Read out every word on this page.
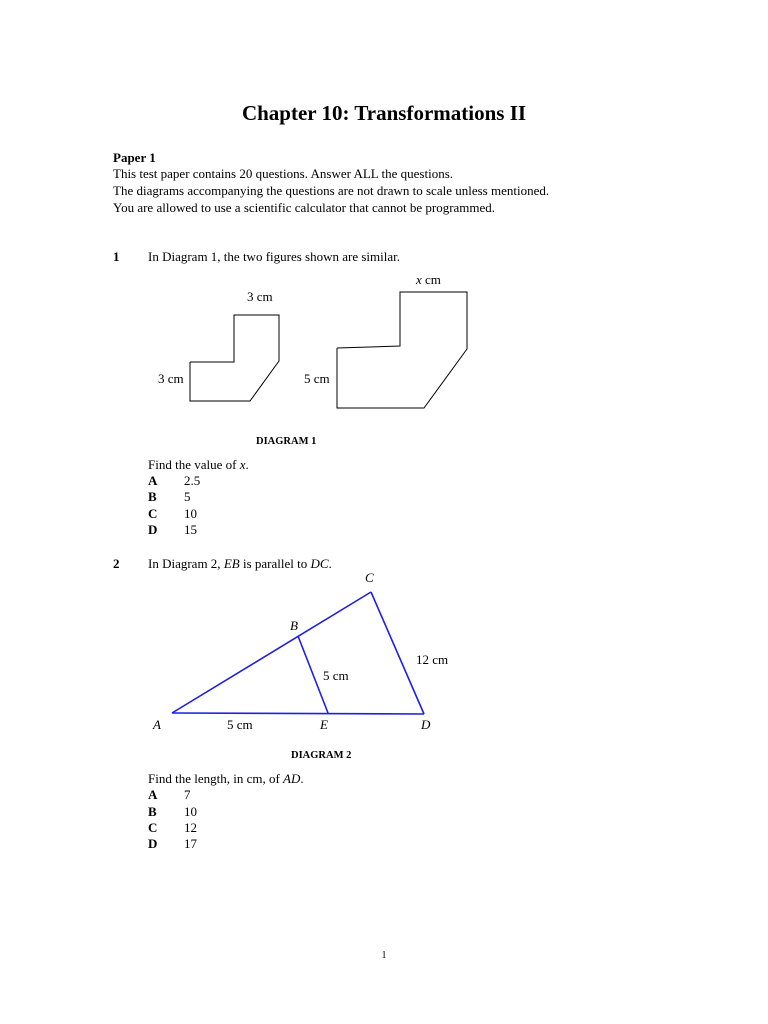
Chapter 10: Transformations II
Paper 1
This test paper contains 20 questions. Answer ALL the questions.
The diagrams accompanying the questions are not drawn to scale unless mentioned.
You are allowed to use a scientific calculator that cannot be programmed.
1 In Diagram 1, the two figures shown are similar.
3 cm
3 cm	5 cm
x cm
DIAGRAM 1
Find the value of x.
A 2.5
B 5
C 10
D 15
2 In Diagram 2, EB is parallel to DC.
C
B
A	E	D
5 cm
5 cm
12 cm
DIAGRAM 2
Find the length, in cm, of AD.
A 7
B 10
C 12
D 17
1
